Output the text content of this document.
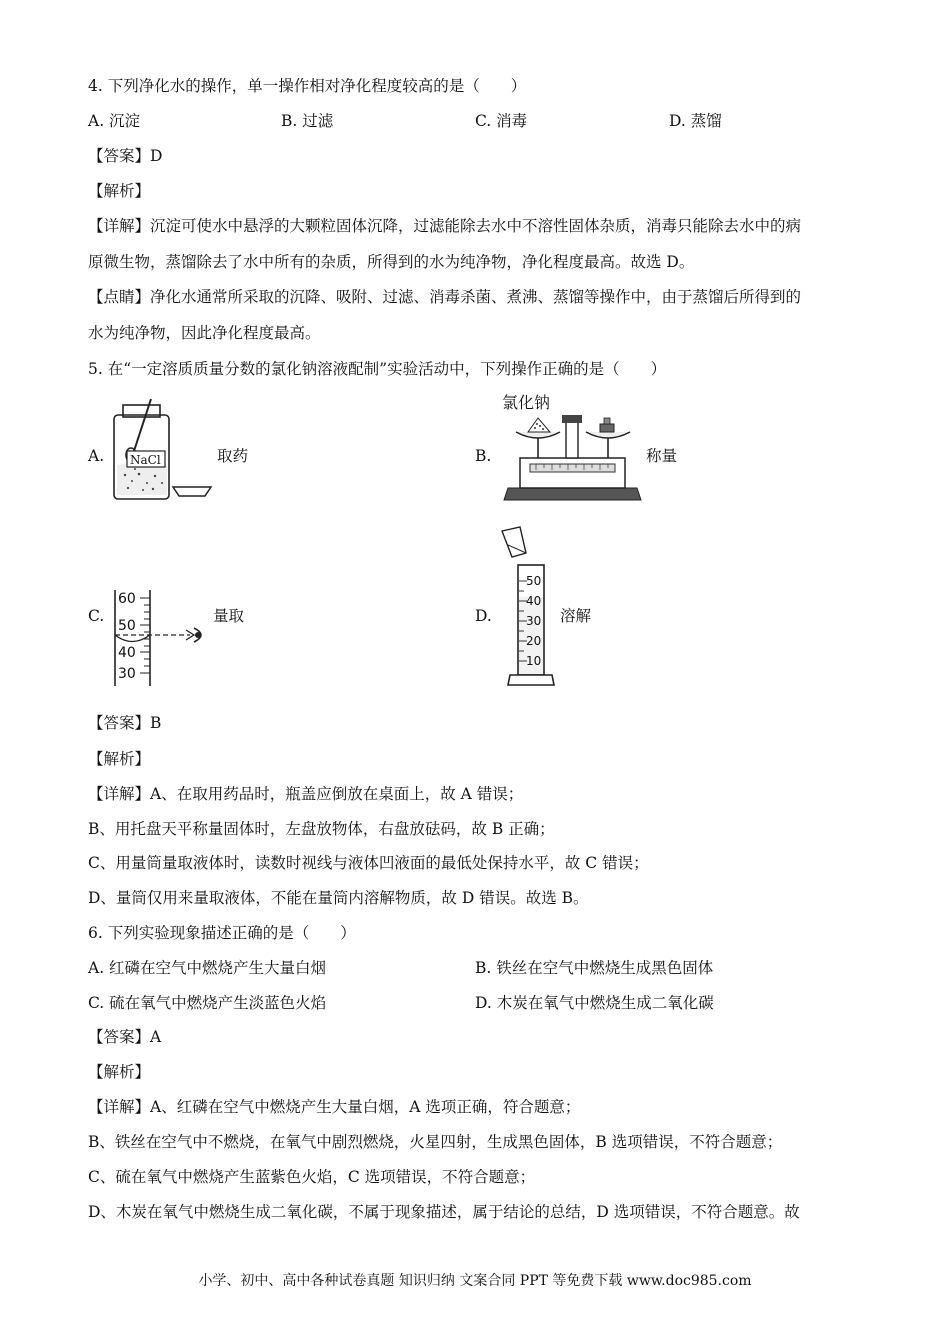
4. 下列净化水的操作，单一操作相对净化程度较高的是（　　）
A. 沉淀	B. 过滤	C. 消毒	D. 蒸馏
【答案】D
【解析】
【详解】沉淀可使水中悬浮的大颗粒固体沉降，过滤能除去水中不溶性固体杂质，消毒只能除去水中的病
原微生物，蒸馏除去了水中所有的杂质，所得到的水为纯净物，净化程度最高。故选 D。
【点睛】净化水通常所采取的沉降、吸附、过滤、消毒杀菌、煮沸、蒸馏等操作中，由于蒸馏后所得到的
水为纯净物，因此净化程度最高。
5. 在“一定溶质质量分数的氯化钠溶液配制”实验活动中，下列操作正确的是（　　）
A. NaCl	取药	B.
氯化钠
称量
C.
60
50
40
30
量取	D.
50
40
30
20
10
溶解
【答案】B
【解析】
【详解】A、在取用药品时，瓶盖应倒放在桌面上，故 A 错误；
B、用托盘天平称量固体时，左盘放物体，右盘放砝码，故 B 正确；
C、用量筒量取液体时，读数时视线与液体凹液面的最低处保持水平，故 C 错误；
D、量筒仅用来量取液体，不能在量筒内溶解物质，故 D 错误。故选 B。
6. 下列实验现象描述正确的是（　　）
A. 红磷在空气中燃烧产生大量白烟	B. 铁丝在空气中燃烧生成黑色固体
C. 硫在氧气中燃烧产生淡蓝色火焰	D. 木炭在氧气中燃烧生成二氧化碳
【答案】A
【解析】
【详解】A、红磷在空气中燃烧产生大量白烟，A 选项正确，符合题意；
B、铁丝在空气中不燃烧，在氧气中剧烈燃烧，火星四射，生成黑色固体，B 选项错误，不符合题意；
C、硫在氧气中燃烧产生蓝紫色火焰，C 选项错误，不符合题意；
D、木炭在氧气中燃烧生成二氧化碳，不属于现象描述，属于结论的总结，D 选项错误，不符合题意。故
小学、初中、高中各种试卷真题 知识归纳 文案合同 PPT 等免费下载 www.doc985.com
